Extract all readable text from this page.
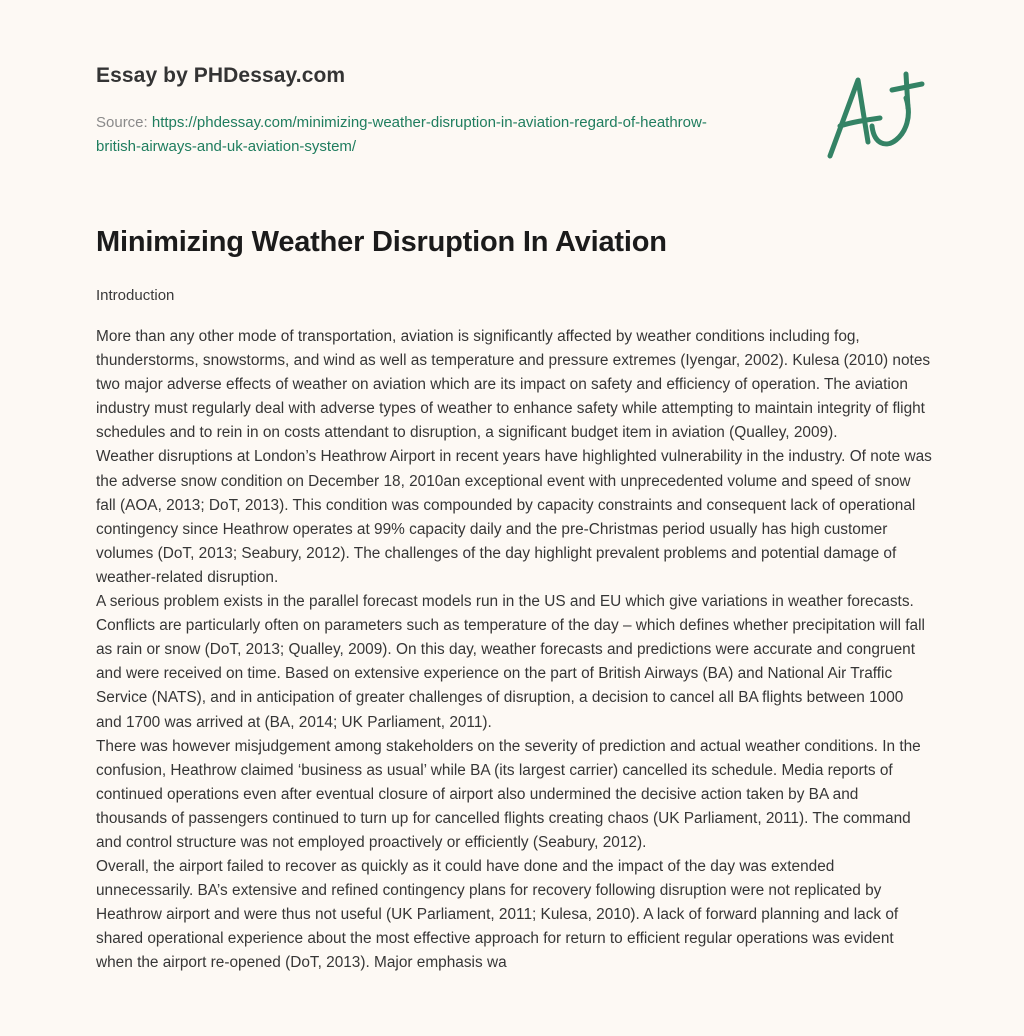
Essay by PHDessay.com
Source: https://phdessay.com/minimizing-weather-disruption-in-aviation-regard-of-heathrow-british-airways-and-uk-aviation-system/
Minimizing Weather Disruption In Aviation
Introduction

More than any other mode of transportation, aviation is significantly affected by weather conditions including fog, thunderstorms, snowstorms, and wind as well as temperature and pressure extremes (Iyengar, 2002). Kulesa (2010) notes two major adverse effects of weather on aviation which are its impact on safety and efficiency of operation. The aviation industry must regularly deal with adverse types of weather to enhance safety while attempting to maintain integrity of flight schedules and to rein in on costs attendant to disruption, a significant budget item in aviation (Qualley, 2009).

Weather disruptions at London’s Heathrow Airport in recent years have highlighted vulnerability in the industry. Of note was the adverse snow condition on December 18, 2010an exceptional event with unprecedented volume and speed of snow fall (AOA, 2013; DoT, 2013). This condition was compounded by capacity constraints and consequent lack of operational contingency since Heathrow operates at 99% capacity daily and the pre-Christmas period usually has high customer volumes (DoT, 2013; Seabury, 2012). The challenges of the day highlight prevalent problems and potential damage of weather-related disruption.

A serious problem exists in the parallel forecast models run in the US and EU which give variations in weather forecasts. Conflicts are particularly often on parameters such as temperature of the day – which defines whether precipitation will fall as rain or snow (DoT, 2013; Qualley, 2009). On this day, weather forecasts and predictions were accurate and congruent and were received on time. Based on extensive experience on the part of British Airways (BA) and National Air Traffic Service (NATS), and in anticipation of greater challenges of disruption, a decision to cancel all BA flights between 1000 and 1700 was arrived at (BA, 2014; UK Parliament, 2011).

There was however misjudgement among stakeholders on the severity of prediction and actual weather conditions. In the confusion, Heathrow claimed ‘business as usual’ while BA (its largest carrier) cancelled its schedule. Media reports of continued operations even after eventual closure of airport also undermined the decisive action taken by BA and thousands of passengers continued to turn up for cancelled flights creating chaos (UK Parliament, 2011). The command and control structure was not employed proactively or efficiently (Seabury, 2012).

Overall, the airport failed to recover as quickly as it could have done and the impact of the day was extended unnecessarily. BA’s extensive and refined contingency plans for recovery following disruption were not replicated by Heathrow airport and were thus not useful (UK Parliament, 2011; Kulesa, 2010). A lack of forward planning and lack of shared operational experience about the most effective approach for return to efficient regular operations was evident when the airport re-opened (DoT, 2013). Major emphasis wa
